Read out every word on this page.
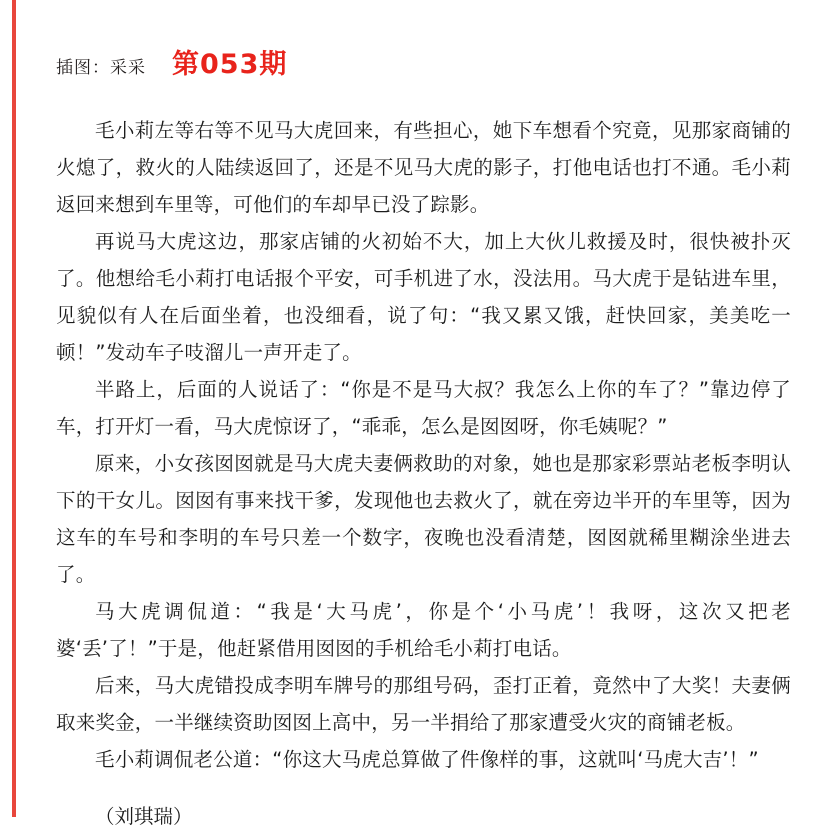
插图：采采 第053期

毛小莉左等右等不见马大虎回来，有些担心，她下车想看个究竟，见那家商铺的火熄了，救火的人陆续返回了，还是不见马大虎的影子，打他电话也打不通。毛小莉返回来想到车里等，可他们的车却早已没了踪影。

再说马大虎这边，那家店铺的火初始不大，加上大伙儿救援及时，很快被扑灭了。他想给毛小莉打电话报个平安，可手机进了水，没法用。马大虎于是钻进车里，见貌似有人在后面坐着，也没细看，说了句：“我又累又饿，赶快回家，美美吃一顿！”发动车子吱溜儿一声开走了。

半路上，后面的人说话了：“你是不是马大叔？我怎么上你的车了？”靠边停了车，打开灯一看，马大虎惊讶了，“乖乖，怎么是囡囡呀，你毛姨呢？”

原来，小女孩囡囡就是马大虎夫妻俩救助的对象，她也是那家彩票站老板李明认下的干女儿。囡囡有事来找干爹，发现他也去救火了，就在旁边半开的车里等，因为这车的车号和李明的车号只差一个数字，夜晚也没看清楚，囡囡就稀里糊涂坐进去了。

马大虎调侃道：“我是‘大马虎’，你是个‘小马虎’！我呀，这次又把老婆‘丢’了！”于是，他赶紧借用囡囡的手机给毛小莉打电话。

后来，马大虎错投成李明车牌号的那组号码，歪打正着，竟然中了大奖！夫妻俩取来奖金，一半继续资助囡囡上高中，另一半捐给了那家遭受火灾的商铺老板。

毛小莉调侃老公道：“你这大马虎总算做了件像样的事，这就叫‘马虎大吉’！”

（刘琪瑞）
